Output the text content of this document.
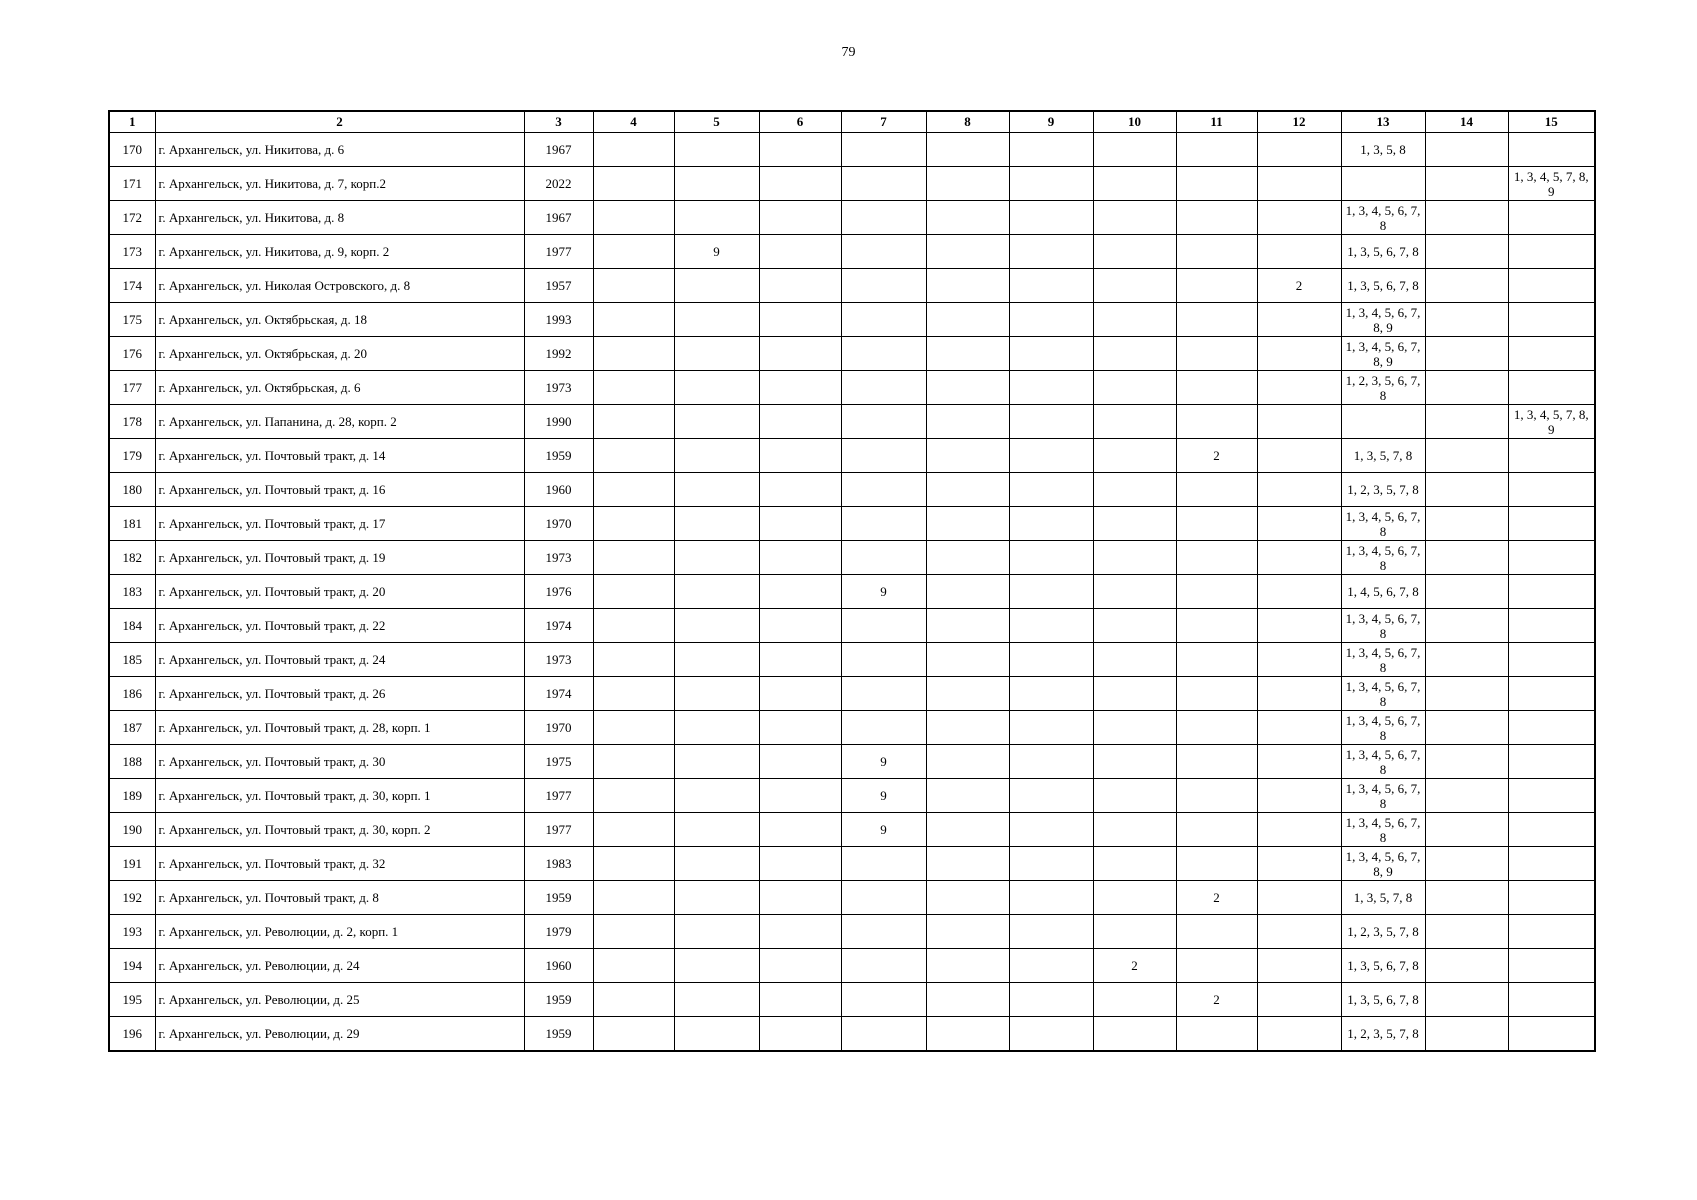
79
1	2	3	4	5	6	7	8	9	10	11	12	13	14	15
170	г. Архангельск, ул. Никитова, д. 6	1967										1, 3, 5, 8		
171	г. Архангельск, ул. Никитова, д. 7, корп.2	2022												1, 3, 4, 5, 7, 8, 9
172	г. Архангельск, ул. Никитова, д. 8	1967										1, 3, 4, 5, 6, 7, 8		
173	г. Архангельск, ул. Никитова, д. 9, корп. 2	1977		9								1, 3, 5, 6, 7, 8		
174	г. Архангельск, ул. Николая Островского, д. 8	1957									2	1, 3, 5, 6, 7, 8		
175	г. Архангельск, ул. Октябрьская, д. 18	1993										1, 3, 4, 5, 6, 7, 8, 9		
176	г. Архангельск, ул. Октябрьская, д. 20	1992										1, 3, 4, 5, 6, 7, 8, 9		
177	г. Архангельск, ул. Октябрьская, д. 6	1973										1, 2, 3, 5, 6, 7, 8		
178	г. Архангельск, ул. Папанина, д. 28, корп. 2	1990												1, 3, 4, 5, 7, 8, 9
179	г. Архангельск, ул. Почтовый тракт, д. 14	1959								2		1, 3, 5, 7, 8		
180	г. Архангельск, ул. Почтовый тракт, д. 16	1960										1, 2, 3, 5, 7, 8		
181	г. Архангельск, ул. Почтовый тракт, д. 17	1970										1, 3, 4, 5, 6, 7, 8		
182	г. Архангельск, ул. Почтовый тракт, д. 19	1973										1, 3, 4, 5, 6, 7, 8		
183	г. Архангельск, ул. Почтовый тракт, д. 20	1976				9						1, 4, 5, 6, 7, 8		
184	г. Архангельск, ул. Почтовый тракт, д. 22	1974										1, 3, 4, 5, 6, 7, 8		
185	г. Архангельск, ул. Почтовый тракт, д. 24	1973										1, 3, 4, 5, 6, 7, 8		
186	г. Архангельск, ул. Почтовый тракт, д. 26	1974										1, 3, 4, 5, 6, 7, 8		
187	г. Архангельск, ул. Почтовый тракт, д. 28, корп. 1	1970										1, 3, 4, 5, 6, 7, 8		
188	г. Архангельск, ул. Почтовый тракт, д. 30	1975				9						1, 3, 4, 5, 6, 7, 8		
189	г. Архангельск, ул. Почтовый тракт, д. 30, корп. 1	1977				9						1, 3, 4, 5, 6, 7, 8		
190	г. Архангельск, ул. Почтовый тракт, д. 30, корп. 2	1977				9						1, 3, 4, 5, 6, 7, 8		
191	г. Архангельск, ул. Почтовый тракт, д. 32	1983										1, 3, 4, 5, 6, 7, 8, 9		
192	г. Архангельск, ул. Почтовый тракт, д. 8	1959								2		1, 3, 5, 7, 8		
193	г. Архангельск, ул. Революции, д. 2, корп. 1	1979										1, 2, 3, 5, 7, 8		
194	г. Архангельск, ул. Революции, д. 24	1960							2			1, 3, 5, 6, 7, 8		
195	г. Архангельск, ул. Революции, д. 25	1959								2		1, 3, 5, 6, 7, 8		
196	г. Архангельск, ул. Революции, д. 29	1959										1, 2, 3, 5, 7, 8		
